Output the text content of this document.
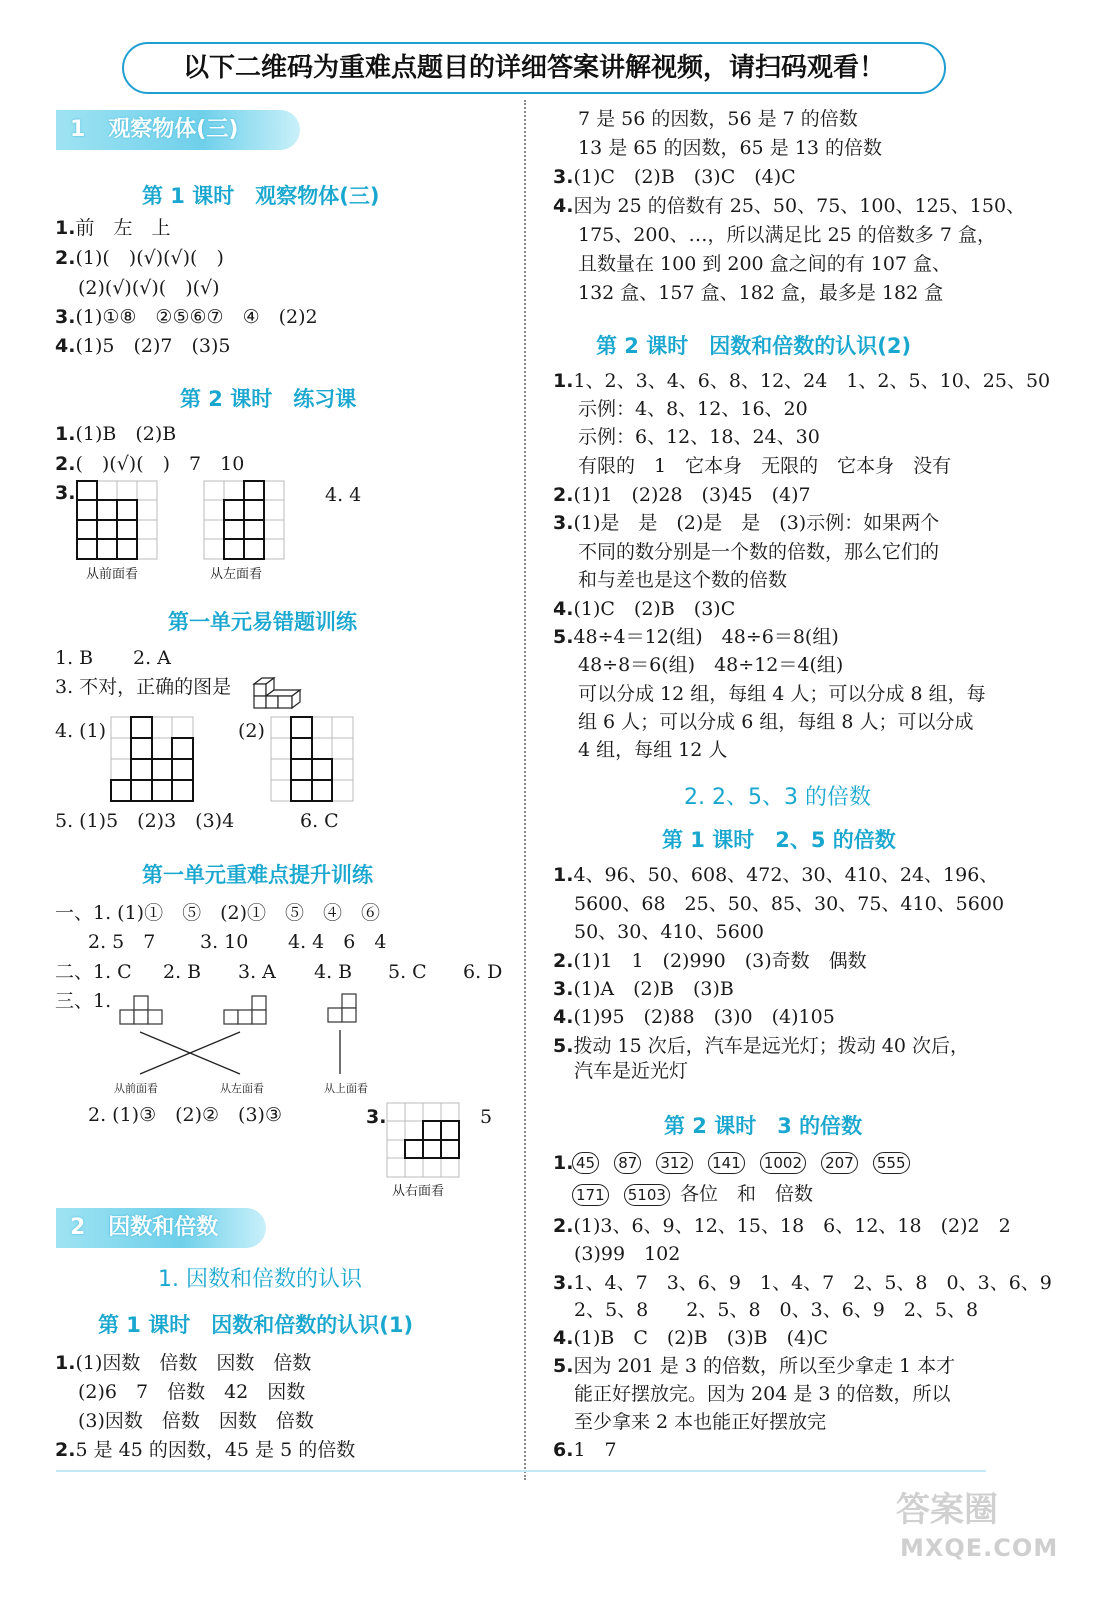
以下二维码为重难点题目的详细答案讲解视频，请扫码观看！
1 观察物体(三)
第 1 课时　观察物体(三)
1.前　左　上
2.(1)(　)(√)(√)(　)
(2)(√)(√)(　)(√)
3.(1)①⑧　②⑤⑥⑦　④　(2)2
4.(1)5　(2)7　(3)5
第 2 课时　练习课
1.(1)B　(2)B
2.(　)(√)(　)　7　10
3.	4. 4
从前面看	从左面看
第一单元易错题训练
1. B 2. A
3. 不对，正确的图是
4. (1)	(2)
5. (1)5　(2)3　(3)4	6. C
第一单元重难点提升训练
一、1. (1)①　⑤　(2)①　⑤　④　⑥
2. 5　7 3. 10 4. 4　6　4
二、1. C 2. B 3. A 4. B 5. C 6. D
三、1.
从前面看	从左面看	从上面看
2. (1)③　(2)②　(3)③	3.	5
从右面看
2 因数和倍数
1. 因数和倍数的认识
第 1 课时　因数和倍数的认识(1)
1.(1)因数　倍数　因数　倍数
(2)6　7　倍数　42　因数
(3)因数　倍数　因数　倍数
2.5 是 45 的因数，45 是 5 的倍数
7 是 56 的因数，56 是 7 的倍数
13 是 65 的因数，65 是 13 的倍数
3.(1)C　(2)B　(3)C　(4)C
4.因为 25 的倍数有 25、50、75、100、125、150、
175、200、…，所以满足比 25 的倍数多 7 盒，
且数量在 100 到 200 盒之间的有 107 盒、
132 盒、157 盒、182 盒，最多是 182 盒
第 2 课时　因数和倍数的认识(2)
1.1、2、3、4、6、8、12、24　1、2、5、10、25、50
示例：4、8、12、16、20
示例：6、12、18、24、30
有限的　1　它本身　无限的　它本身　没有
2.(1)1　(2)28　(3)45　(4)7
3.(1)是　是　(2)是　是　(3)示例：如果两个
不同的数分别是一个数的倍数，那么它们的
和与差也是这个数的倍数
4.(1)C　(2)B　(3)C
5.48÷4＝12(组)　48÷6＝8(组)
48÷8＝6(组)　48÷12＝4(组)
可以分成 12 组，每组 4 人；可以分成 8 组，每
组 6 人；可以分成 6 组，每组 8 人；可以分成
4 组，每组 12 人
2. 2、5、3 的倍数
第 1 课时　2、5 的倍数
1.4、96、50、608、472、30、410、24、196、
5600、68　25、50、85、30、75、410、5600
50、30、410、5600
2.(1)1　1　(2)990　(3)奇数　偶数
3.(1)A　(2)B　(3)B
4.(1)95　(2)88　(3)0　(4)105
5.拨动 15 次后，汽车是远光灯；拨动 40 次后，
汽车是近光灯
第 2 课时　3 的倍数
1. 45 87 312 141 1002 207 555
171 5103 各位　和　倍数
2.(1)3、6、9、12、15、18　6、12、18　(2)2　2
(3)99　102
3.1、4、7　3、6、9　1、4、7　2、5、8　0、3、6、9
2、5、8　　2、5、8　0、3、6、9　2、5、8
4.(1)B　C　(2)B　(3)B　(4)C
5.因为 201 是 3 的倍数，所以至少拿走 1 本才
能正好摆放完。因为 204 是 3 的倍数，所以
至少拿来 2 本也能正好摆放完
6.1　7
答案圈
MXQE.COM
